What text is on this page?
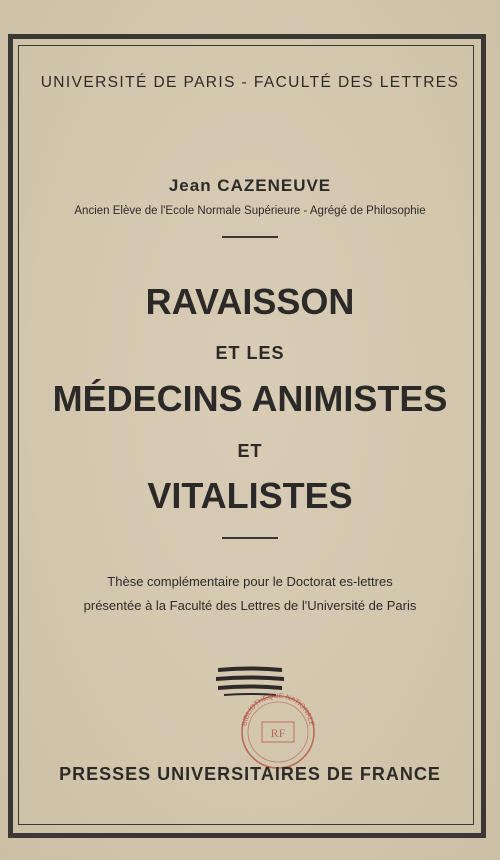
UNIVERSITÉ DE PARIS - FACULTÉ DES LETTRES
Jean CAZENEUVE
Ancien Elève de l'Ecole Normale Supérieure - Agrégé de Philosophie
RAVAISSON
ET LES
MÉDECINS ANIMISTES
ET
VITALISTES
Thèse complémentaire pour le Doctorat es-lettres
présentée à la Faculté des Lettres de l'Université de Paris
BIBLIOTHÈQUE NATIONALE
RF
PRESSES UNIVERSITAIRES DE FRANCE
